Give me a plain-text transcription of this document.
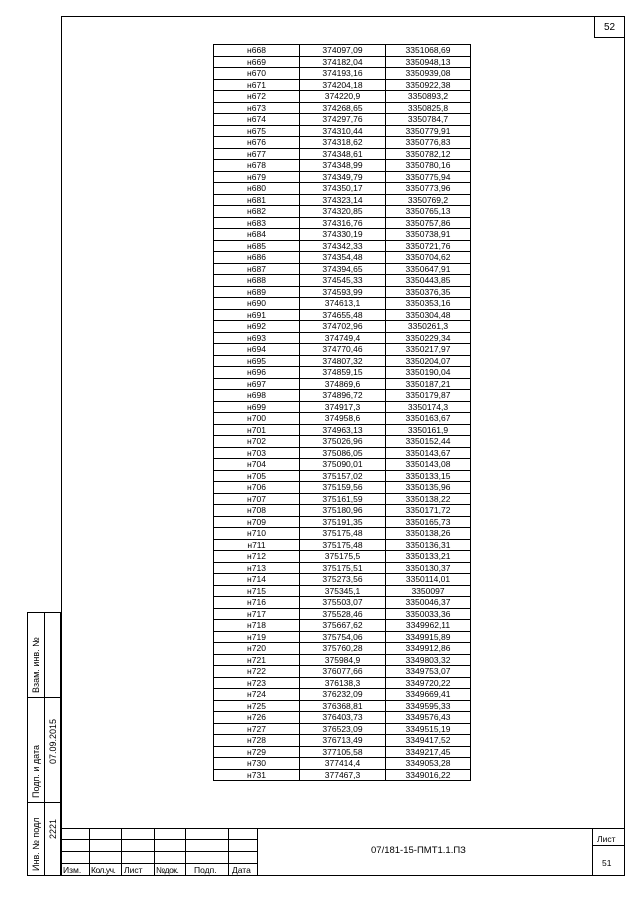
52
н668	374097,09	3351068,69
н669	374182,04	3350948,13
н670	374193,16	3350939,08
н671	374204,18	3350922,38
н672	374220,9	3350893,2
н673	374268,65	3350825,8
н674	374297,76	3350784,7
н675	374310,44	3350779,91
н676	374318,62	3350776,83
н677	374348,61	3350782,12
н678	374348,99	3350780,16
н679	374349,79	3350775,94
н680	374350,17	3350773,96
н681	374323,14	3350769,2
н682	374320,85	3350765,13
н683	374316,76	3350757,86
н684	374330,19	3350738,91
н685	374342,33	3350721,76
н686	374354,48	3350704,62
н687	374394,65	3350647,91
н688	374545,33	3350443,85
н689	374593,99	3350376,35
н690	374613,1	3350353,16
н691	374655,48	3350304,48
н692	374702,96	3350261,3
н693	374749,4	3350229,34
н694	374770,46	3350217,97
н695	374807,32	3350204,07
н696	374859,15	3350190,04
н697	374869,6	3350187,21
н698	374896,72	3350179,87
н699	374917,3	3350174,3
н700	374958,6	3350163,67
н701	374963,13	3350161,9
н702	375026,96	3350152,44
н703	375086,05	3350143,67
н704	375090,01	3350143,08
н705	375157,02	3350133,15
н706	375159,56	3350135,96
н707	375161,59	3350138,22
н708	375180,96	3350171,72
н709	375191,35	3350165,73
н710	375175,48	3350138,26
н711	375175,48	3350136,31
н712	375175,5	3350133,21
н713	375175,51	3350130,37
н714	375273,56	3350114,01
н715	375345,1	3350097
н716	375503,07	3350046,37
н717	375528,46	3350033,36
н718	375667,62	3349962,11
н719	375754,06	3349915,89
н720	375760,28	3349912,86
н721	375984,9	3349803,32
н722	376077,66	3349753,07
н723	376138,3	3349720,22
н724	376232,09	3349669,41
н725	376368,81	3349595,33
н726	376403,73	3349576,43
н727	376523,09	3349515,19
н728	376713,49	3349417,52
н729	377105,58	3349217,45
н730	377414,4	3349053,28
н731	377467,3	3349016,22
Взам. инв. №
Подп. и дата
07.09.2015
Инв. № подл 2221
Изм. Кол.уч. Лист №док. Подп. Дата
07/181-15-ПМТ1.1.ПЗ
Лист
51
